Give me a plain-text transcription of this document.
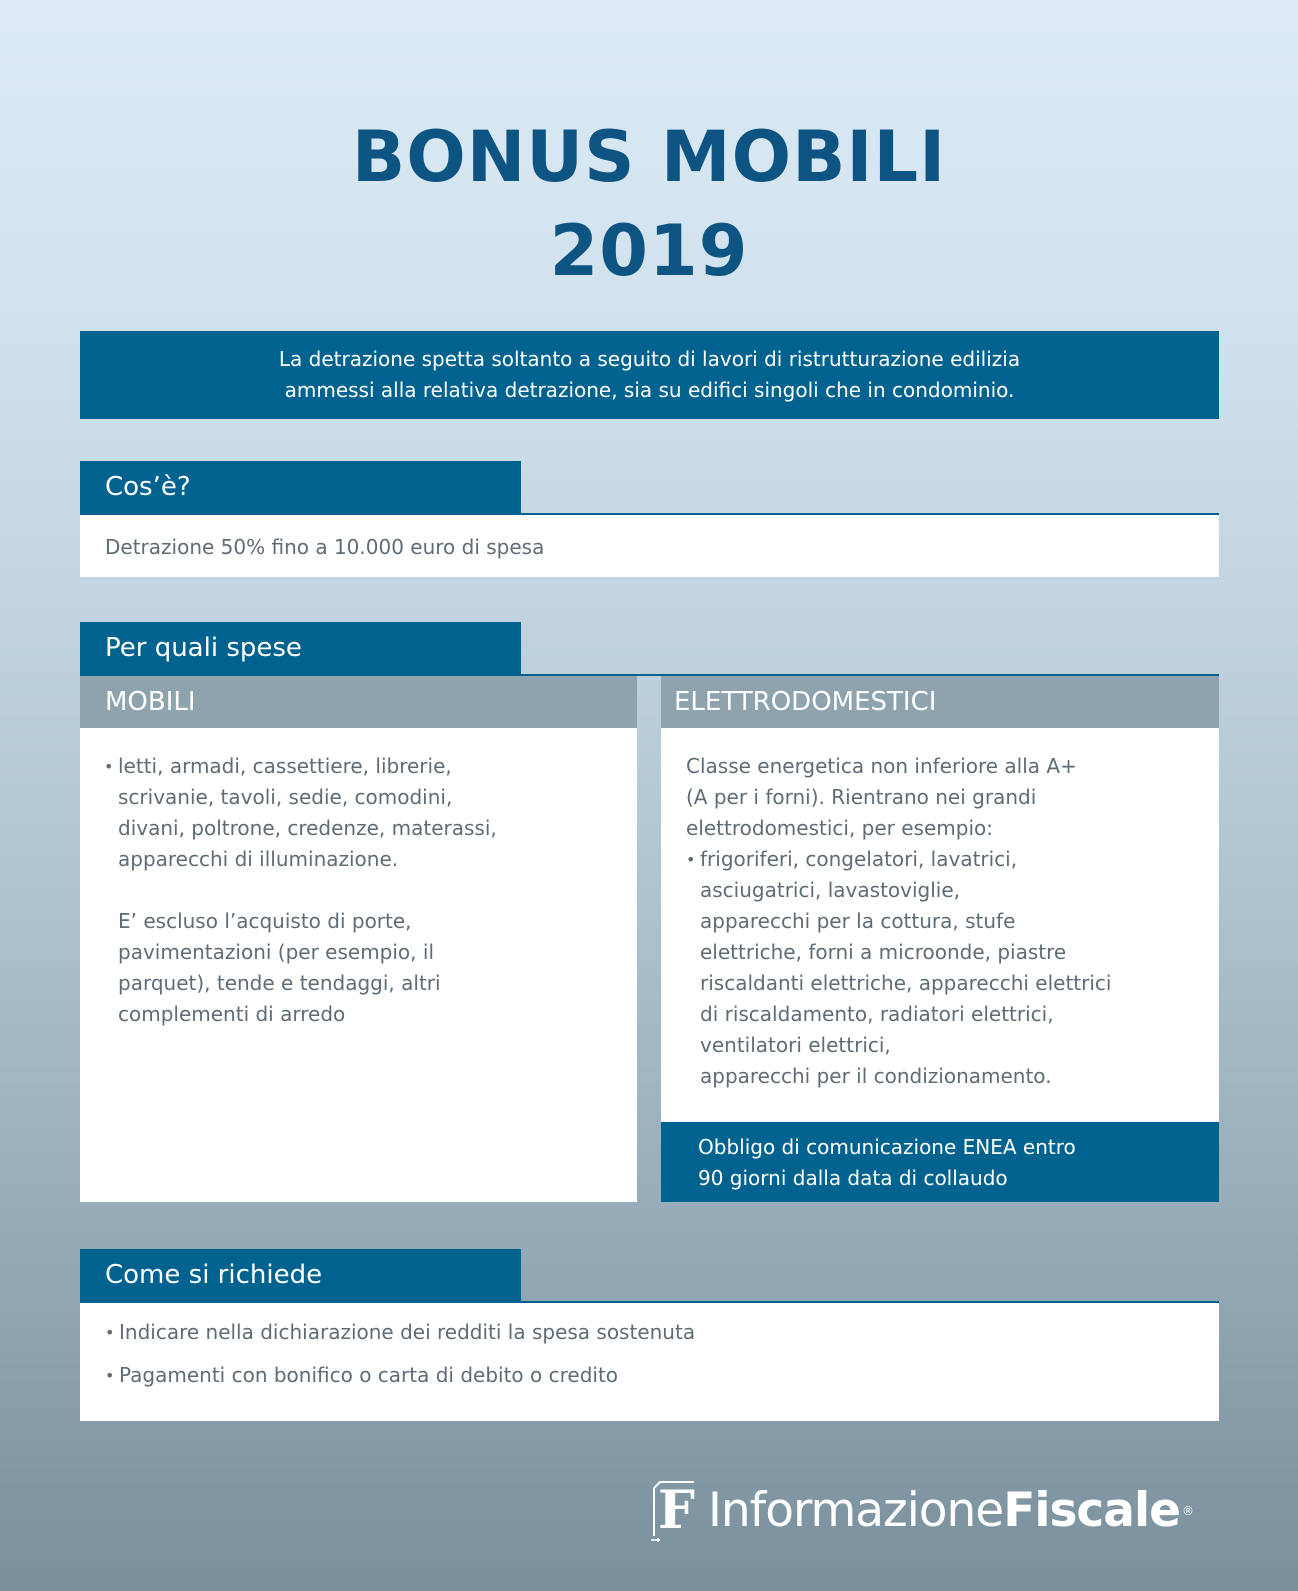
BONUS MOBILI
2019
La detrazione spetta soltanto a seguito di lavori di ristrutturazione edilizia
ammessi alla relativa detrazione, sia su edifici singoli che in condominio.
Cos’è?
Detrazione 50% fino a 10.000 euro di spesa
Per quali spese
MOBILI
• letti, armadi, cassettiere, librerie,
scrivanie, tavoli, sedie, comodini,
divani, poltrone, credenze, materassi,
apparecchi di illuminazione.
E’ escluso l’acquisto di porte,
pavimentazioni (per esempio, il
parquet), tende e tendaggi, altri
complementi di arredo
ELETTRODOMESTICI
Classe energetica non inferiore alla A+
(A per i forni). Rientrano nei grandi
elettrodomestici, per esempio:
• frigoriferi, congelatori, lavatrici,
asciugatrici, lavastoviglie,
apparecchi per la cottura, stufe
elettriche, forni a microonde, piastre
riscaldanti elettriche, apparecchi elettrici
di riscaldamento, radiatori elettrici,
ventilatori elettrici,
apparecchi per il condizionamento.
Obbligo di comunicazione ENEA entro
90 giorni dalla data di collaudo
Come si richiede
• Indicare nella dichiarazione dei redditi la spesa sostenuta
• Pagamenti con bonifico o carta di debito o credito
F InformazioneFiscale ®
